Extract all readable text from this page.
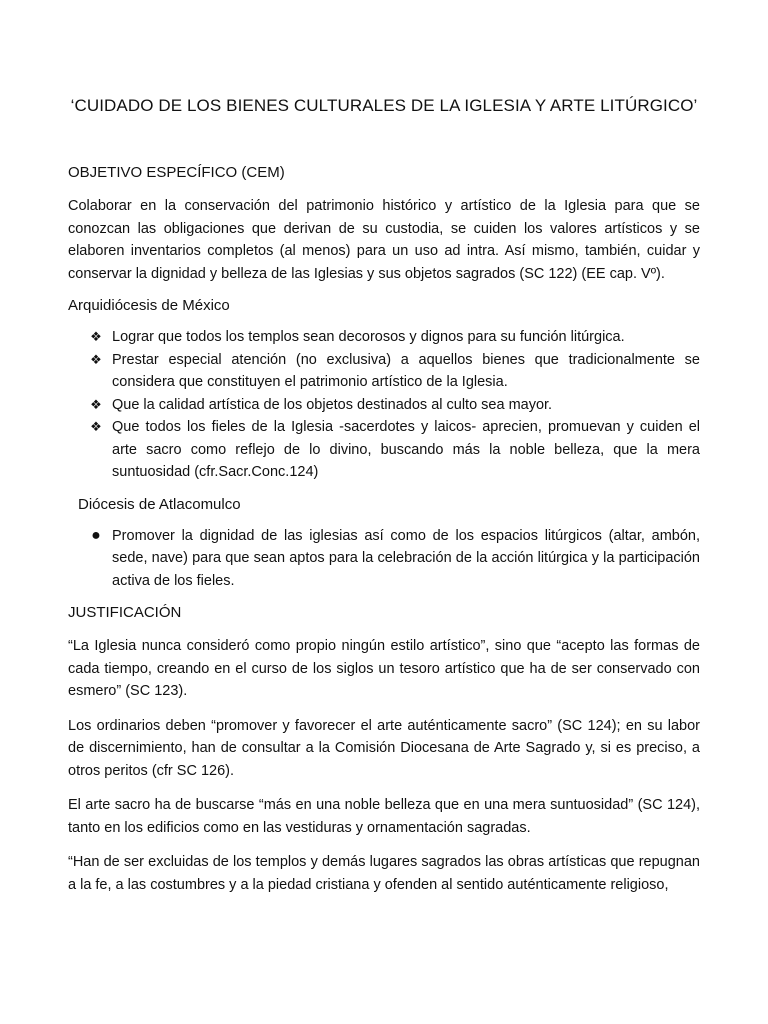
‘CUIDADO DE LOS BIENES CULTURALES DE LA IGLESIA Y ARTE LITÚRGICO’
OBJETIVO ESPECÍFICO (CEM)

Colaborar en la conservación del patrimonio histórico y artístico de la Iglesia para que se conozcan las obligaciones que derivan de su custodia, se cuiden los valores artísticos y se elaboren inventarios completos (al menos) para un uso ad intra. Así mismo, también, cuidar y conservar la dignidad y belleza de las Iglesias y sus objetos sagrados (SC 122) (EE cap. Vº).

Arquidiócesis de México
❖ Lograr que todos los templos sean decorosos y dignos para su función litúrgica.
❖ Prestar especial atención (no exclusiva) a aquellos bienes que tradicionalmente se considera que constituyen el patrimonio artístico de la Iglesia.
❖ Que la calidad artística de los objetos destinados al culto sea mayor.
❖ Que todos los fieles de la Iglesia -sacerdotes y laicos- aprecien, promuevan y cuiden el arte sacro como reflejo de lo divino, buscando más la noble belleza, que la mera suntuosidad (cfr.Sacr.Conc.124)
Diócesis de Atlacomulco
● Promover la dignidad de las iglesias así como de los espacios litúrgicos (altar, ambón, sede, nave) para que sean aptos para la celebración de la acción litúrgica y la participación activa de los fieles.
JUSTIFICACIÓN

“La Iglesia nunca consideró como propio ningún estilo artístico”, sino que “acepto las formas de cada tiempo, creando en el curso de los siglos un tesoro artístico que ha de ser conservado con esmero” (SC 123).

Los ordinarios deben “promover y favorecer el arte auténticamente sacro” (SC 124); en su labor de discernimiento, han de consultar a la Comisión Diocesana de Arte Sagrado y, si es preciso, a otros peritos (cfr SC 126).

El arte sacro ha de buscarse “más en una noble belleza que en una mera suntuosidad” (SC 124), tanto en los edificios como en las vestiduras y ornamentación sagradas.

“Han de ser excluidas de los templos y demás lugares sagrados las obras artísticas que repugnan a la fe, a las costumbres y a la piedad cristiana y ofenden al sentido auténticamente religioso,
